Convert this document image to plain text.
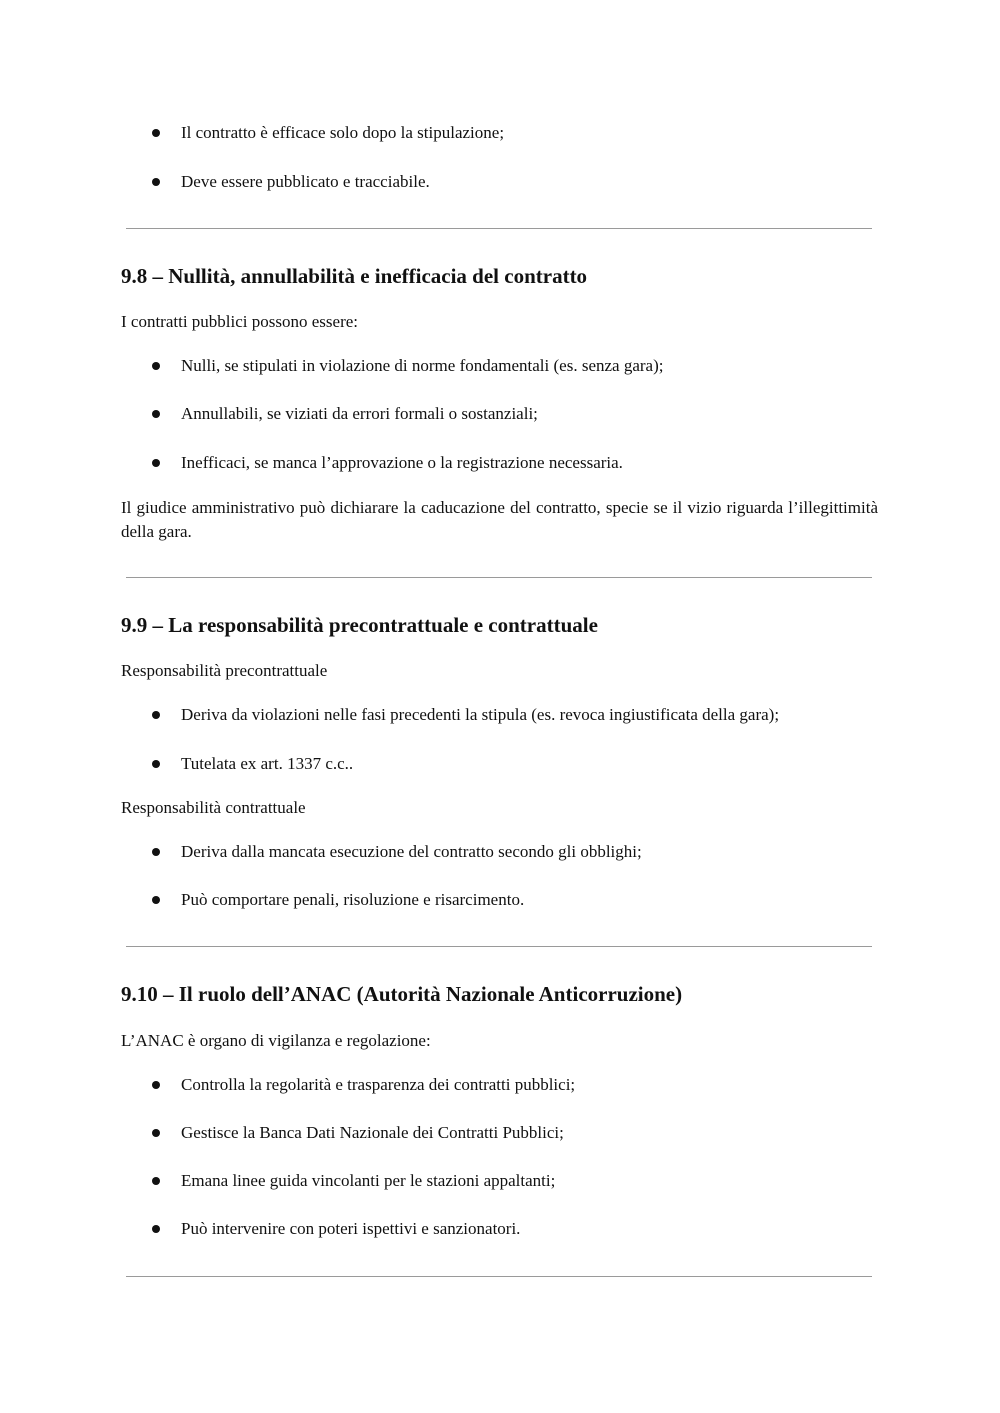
Il contratto è efficace solo dopo la stipulazione;

Deve essere pubblicato e tracciabile.

9.8 – Nullità, annullabilità e inefficacia del contratto

I contratti pubblici possono essere:

Nulli, se stipulati in violazione di norme fondamentali (es. senza gara);

Annullabili, se viziati da errori formali o sostanziali;

Inefficaci, se manca l’approvazione o la registrazione necessaria.

Il giudice amministrativo può dichiarare la caducazione del contratto, specie se il vizio riguarda l’illegittimità della gara.

9.9 – La responsabilità precontrattuale e contrattuale

Responsabilità precontrattuale

Deriva da violazioni nelle fasi precedenti la stipula (es. revoca ingiustificata della gara);

Tutelata ex art. 1337 c.c..

Responsabilità contrattuale

Deriva dalla mancata esecuzione del contratto secondo gli obblighi;

Può comportare penali, risoluzione e risarcimento.

9.10 – Il ruolo dell’ANAC (Autorità Nazionale Anticorruzione)

L’ANAC è organo di vigilanza e regolazione:

Controlla la regolarità e trasparenza dei contratti pubblici;

Gestisce la Banca Dati Nazionale dei Contratti Pubblici;

Emana linee guida vincolanti per le stazioni appaltanti;

Può intervenire con poteri ispettivi e sanzionatori.
